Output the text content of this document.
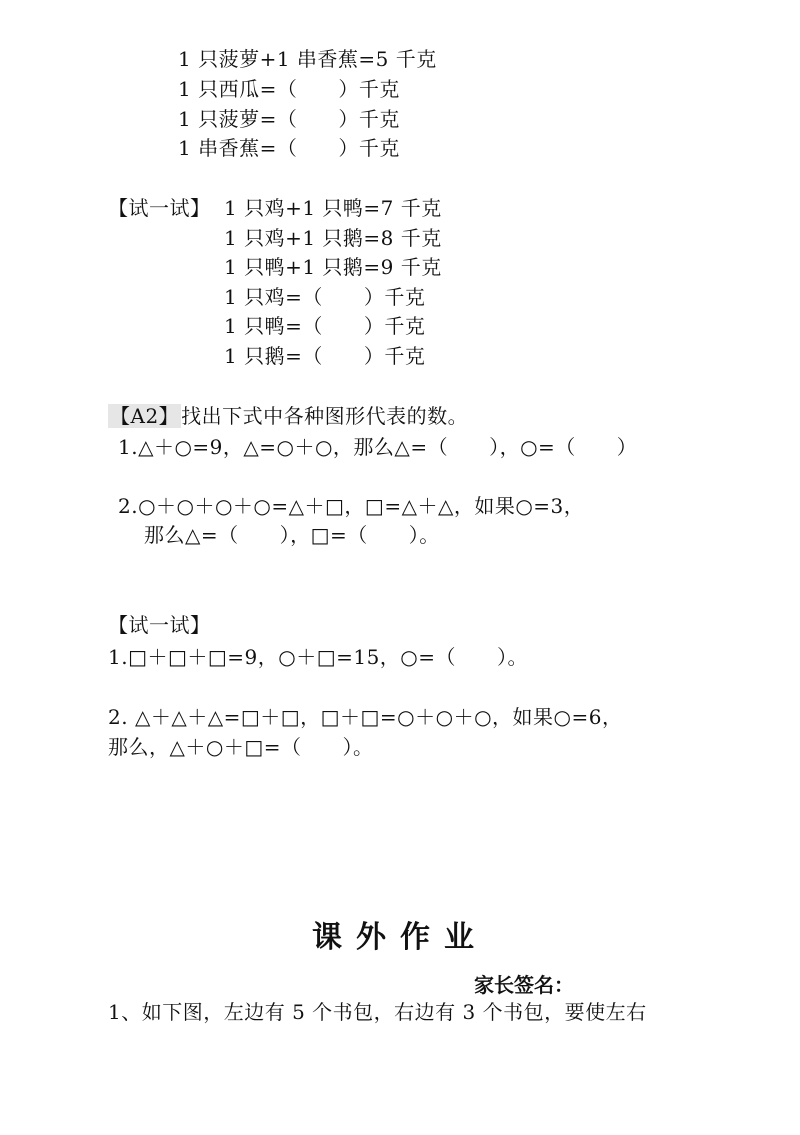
1 只菠萝+1 串香蕉=5 千克
1 只西瓜=（　　）千克
1 只菠萝=（　　）千克
1 串香蕉=（　　）千克
【试一试】 1 只鸡+1 只鸭=7 千克
1 只鸡+1 只鹅=8 千克
1 只鸭+1 只鹅=9 千克
1 只鸡=（　　）千克
1 只鸭=（　　）千克
1 只鹅=（　　）千克
【A2】 找出下式中各种图形代表的数。
1.△＋○=9，△=○＋○，那么△=（　　），○=（　　）
2.○＋○＋○＋○=△＋□，□=△＋△，如果○=3，
那么△=（　　），□=（　　）。
【试一试】
1.□＋□＋□=9，○＋□=15，○=（　　）。
2. △＋△＋△=□＋□，□＋□=○＋○＋○，如果○=6，
那么，△＋○＋□=（　　）。
课外作业
家长签名：
1、如下图，左边有 5 个书包，右边有 3 个书包，要使左右
